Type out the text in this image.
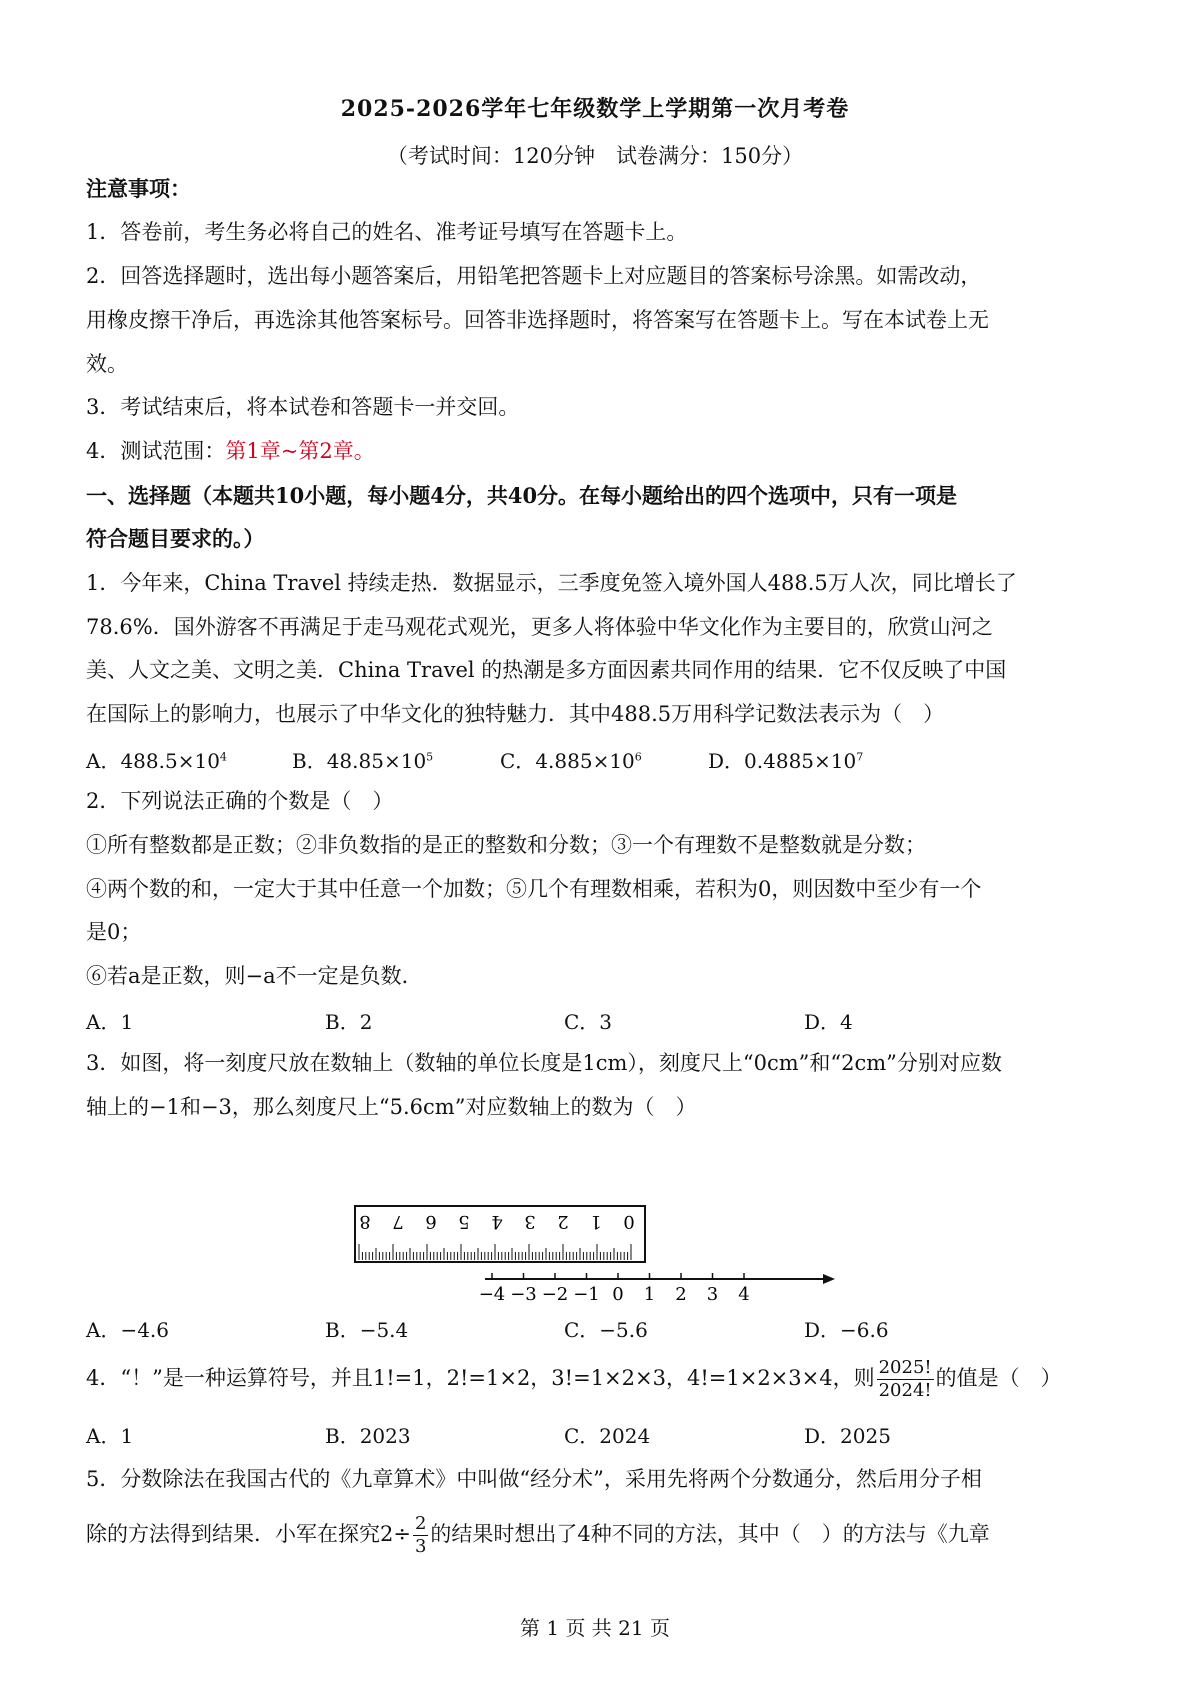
2025-2026学年七年级数学上学期第一次月考卷
（考试时间：120分钟　试卷满分：150分）
注意事项：
1．答卷前，考生务必将自己的姓名、准考证号填写在答题卡上。
2．回答选择题时，选出每小题答案后，用铅笔把答题卡上对应题目的答案标号涂黑。如需改动，
用橡皮擦干净后，再选涂其他答案标号。回答非选择题时，将答案写在答题卡上。写在本试卷上无
效。
3．考试结束后，将本试卷和答题卡一并交回。
4．测试范围：第1章~第2章。
一、选择题（本题共10小题，每小题4分，共40分。在每小题给出的四个选项中，只有一项是
符合题目要求的。）
1．今年来，China Travel 持续走热．数据显示，三季度免签入境外国人488.5万人次，同比增长了
78.6%．国外游客不再满足于走马观花式观光，更多人将体验中华文化作为主要目的，欣赏山河之
美、人文之美、文明之美．China Travel 的热潮是多方面因素共同作用的结果．它不仅反映了中国
在国际上的影响力，也展示了中华文化的独特魅力．其中488.5万用科学记数法表示为（　）
A．$488.5\times 10^4$	B．$48.85\times 10^5$	C．$4.885\times 10^6$	D．$0.4885\times 10^7$
2．下列说法正确的个数是（　）
①所有整数都是正数；②非负数指的是正的整数和分数；③一个有理数不是整数就是分数；
④两个数的和，一定大于其中任意一个加数；⑤几个有理数相乘，若积为0，则因数中至少有一个
是0；
⑥若a是正数，则−a不一定是负数．
A．1	B．2	C．3	D．4
3．如图，将一刻度尺放在数轴上（数轴的单位长度是1cm），刻度尺上“0cm”和“2cm”分别对应数
轴上的−1和−3，那么刻度尺上“5.6cm”对应数轴上的数为（　）
8 7 6 5 4 3 2 1 0
−4 −3 −2 −1 0 1 2 3 4
A．−4.6	B．−5.4	C．−5.6	D．−6.6
4．“！”是一种运算符号，并且1!=1，2!=1×2，3!=1×2×3，4!=1×2×3×4，则 $\frac{2025!}{2024!}$ 的值是（　）
A．1	B．2023	C．2024	D．2025
5．分数除法在我国古代的《九章算术》中叫做“经分术”，采用先将两个分数通分，然后用分子相
除的方法得到结果．小军在探究$2\div \frac{2}{3}$ 的结果时想出了4种不同的方法，其中（　）的方法与《九章
第 1 页 共 21 页
